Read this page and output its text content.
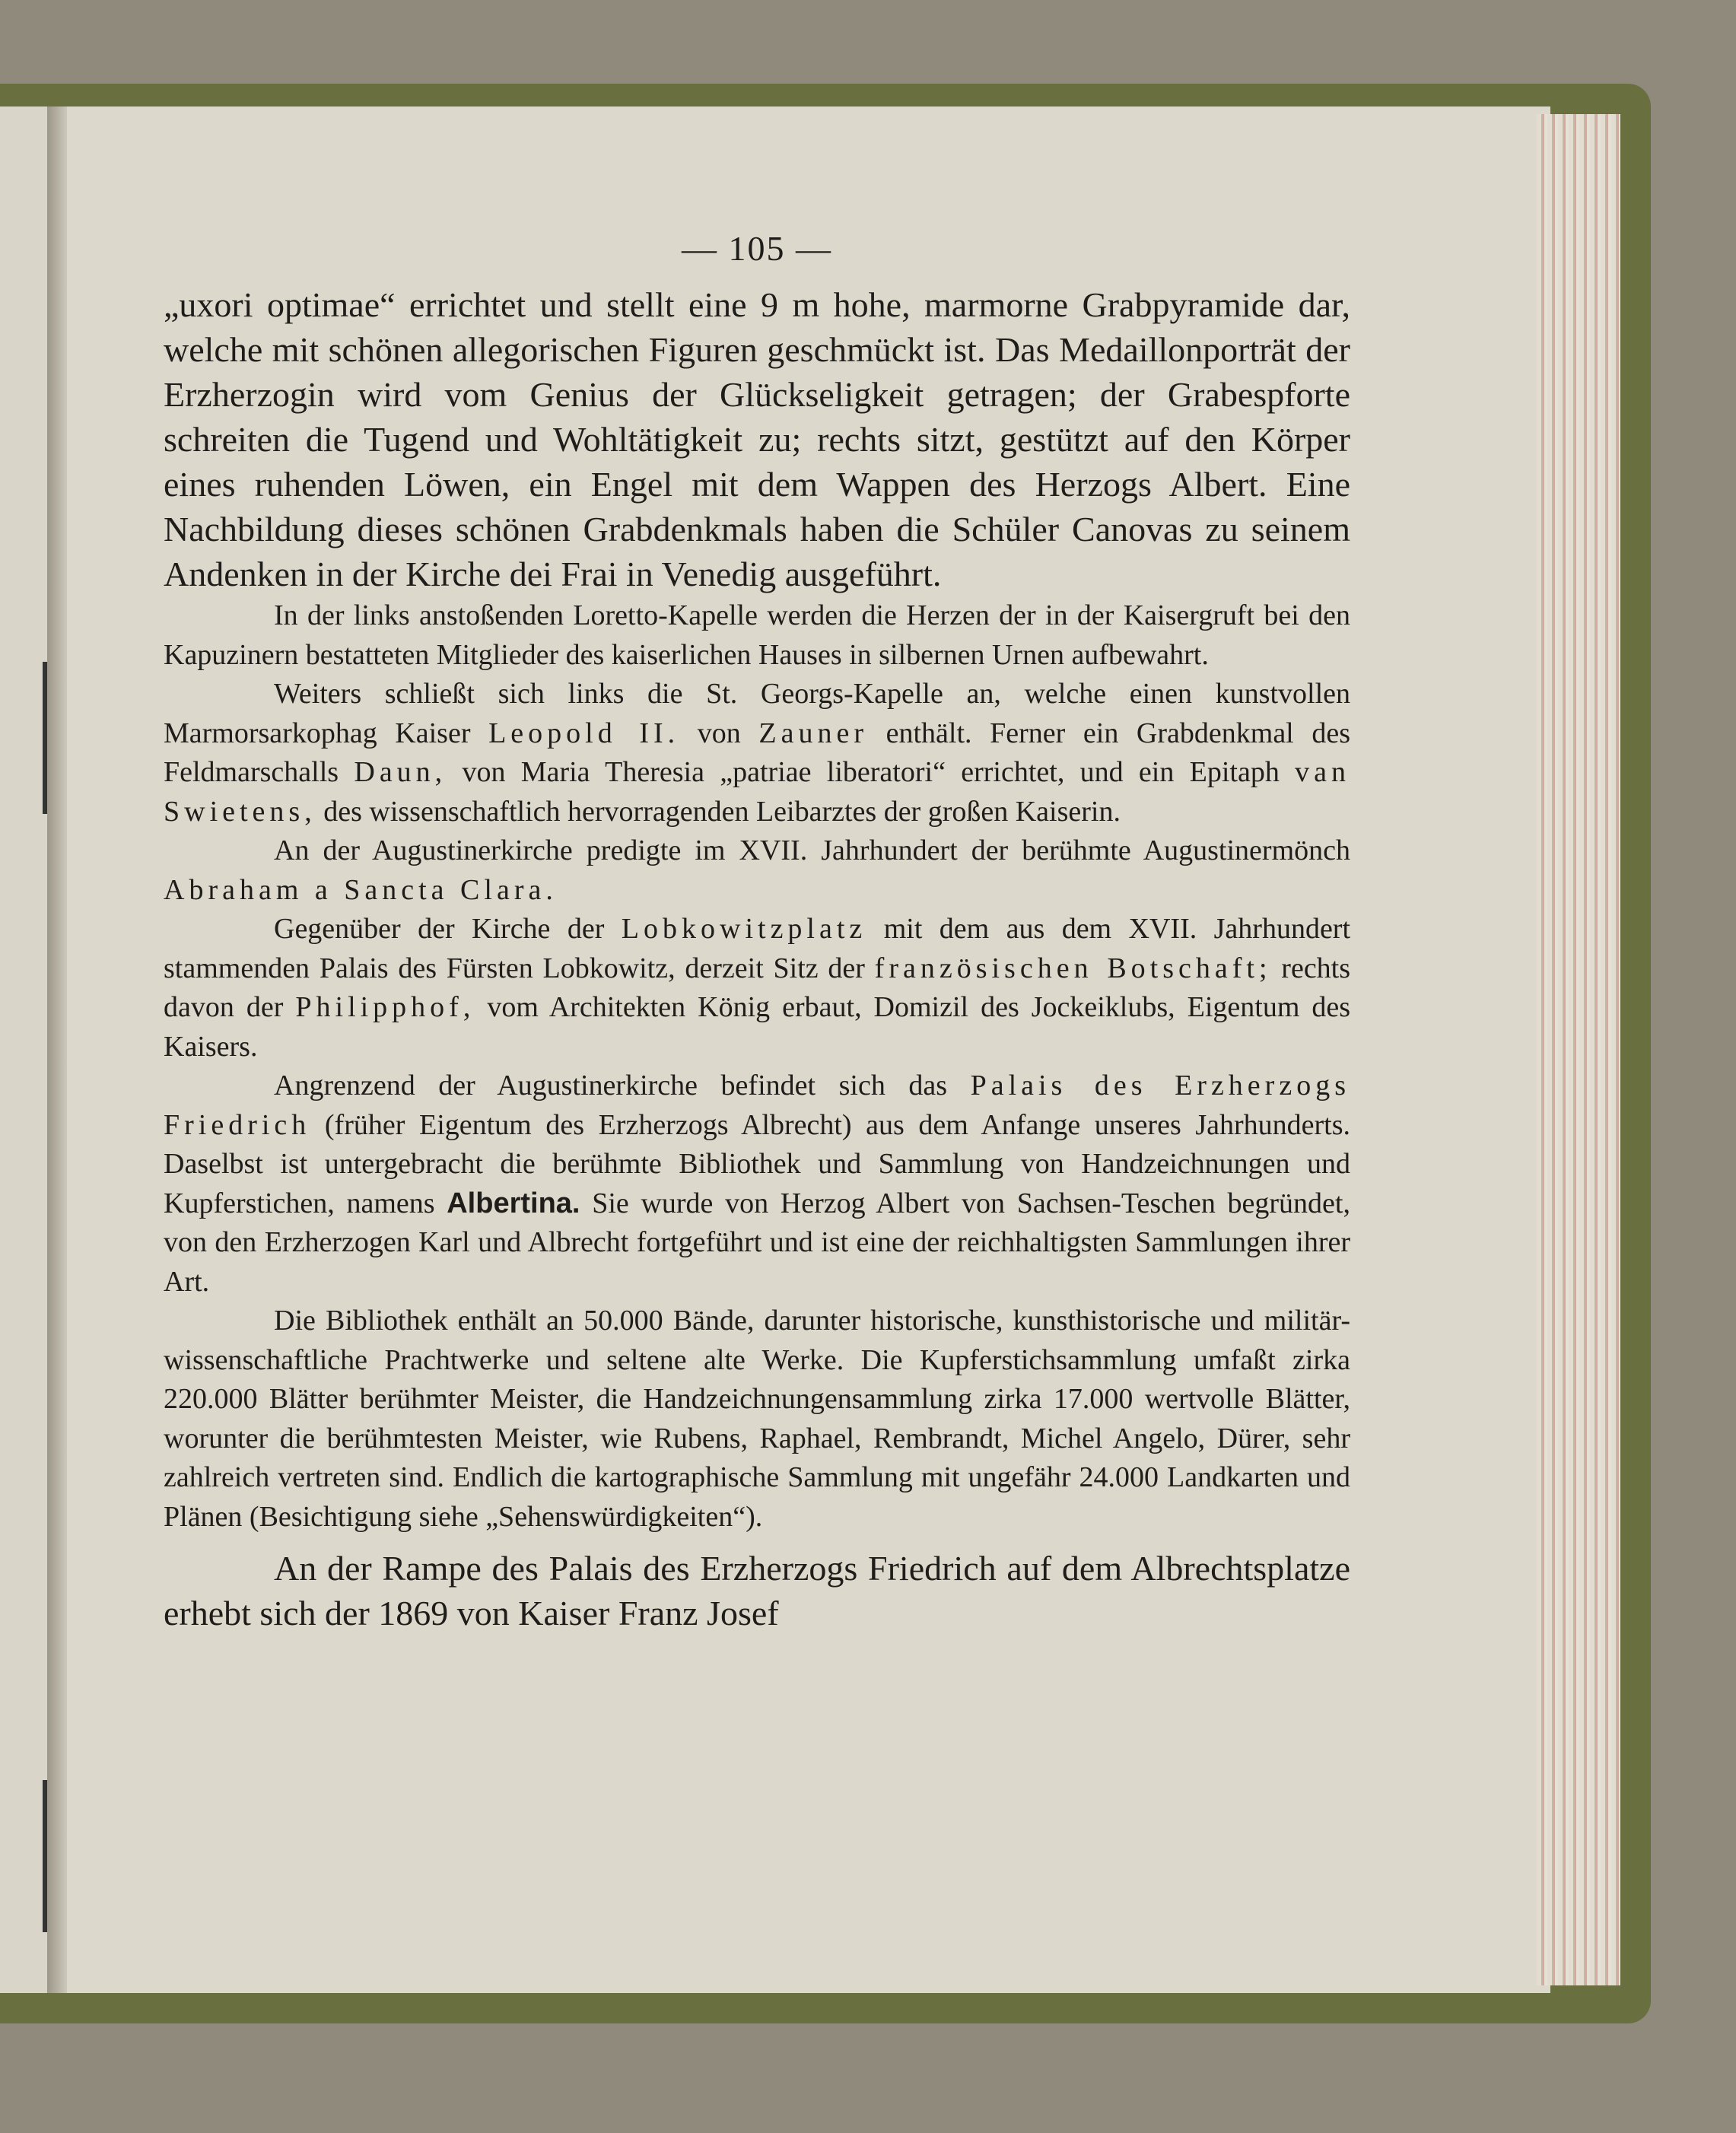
— 105 —

„uxori optimae“ errichtet und stellt eine 9 m hohe, marmorne Grabpyramide dar, welche mit schönen allegorischen Figuren geschmückt ist. Das Medaillonporträt der Erzherzogin wird vom Genius der Glückseligkeit getragen; der Grabespforte schreiten die Tugend und Wohltätigkeit zu; rechts sitzt, gestützt auf den Körper eines ruhenden Löwen, ein Engel mit dem Wappen des Herzogs Albert. Eine Nachbildung dieses schönen Grabdenkmals haben die Schüler Canovas zu seinem Andenken in der Kirche dei Frai in Venedig ausgeführt.

In der links anstoßenden Loretto-Kapelle werden die Herzen der in der Kaisergruft bei den Kapuzinern bestatteten Mitglieder des kaiserlichen Hauses in silbernen Urnen aufbewahrt.

Weiters schließt sich links die St. Georgs-Kapelle an, welche einen kunstvollen Marmorsarkophag Kaiser Leopold II. von Zauner enthält. Ferner ein Grabdenkmal des Feldmarschalls Daun, von Maria Theresia „patriae liberatori“ errichtet, und ein Epitaph van Swietens, des wissenschaftlich hervorragenden Leibarztes der großen Kaiserin.

An der Augustinerkirche predigte im XVII. Jahrhundert der berühmte Augustinermönch Abraham a Sancta Clara.

Gegenüber der Kirche der Lobkowitzplatz mit dem aus dem XVII. Jahrhundert stammenden Palais des Fürsten Lobkowitz, derzeit Sitz der französischen Botschaft; rechts davon der Philipphof, vom Architekten König erbaut, Domizil des Jockeiklubs, Eigentum des Kaisers.

Angrenzend der Augustinerkirche befindet sich das Palais des Erzherzogs Friedrich (früher Eigentum des Erzherzogs Albrecht) aus dem Anfange unseres Jahrhunderts. Daselbst ist untergebracht die berühmte Bibliothek und Sammlung von Handzeichnungen und Kupferstichen, namens Albertina. Sie wurde von Herzog Albert von Sachsen-Teschen begründet, von den Erzherzogen Karl und Albrecht fortgeführt und ist eine der reichhaltigsten Sammlungen ihrer Art.

Die Bibliothek enthält an 50.000 Bände, darunter historische, kunsthistorische und militär-wissenschaftliche Prachtwerke und seltene alte Werke. Die Kupferstichsammlung umfaßt zirka 220.000 Blätter berühmter Meister, die Handzeichnungensammlung zirka 17.000 wertvolle Blätter, worunter die berühmtesten Meister, wie Rubens, Raphael, Rembrandt, Michel Angelo, Dürer, sehr zahlreich vertreten sind. Endlich die kartographische Sammlung mit ungefähr 24.000 Landkarten und Plänen (Besichtigung siehe „Sehenswürdigkeiten“).

An der Rampe des Palais des Erzherzogs Friedrich auf dem Albrechtsplatze erhebt sich der 1869 von Kaiser Franz Josef
